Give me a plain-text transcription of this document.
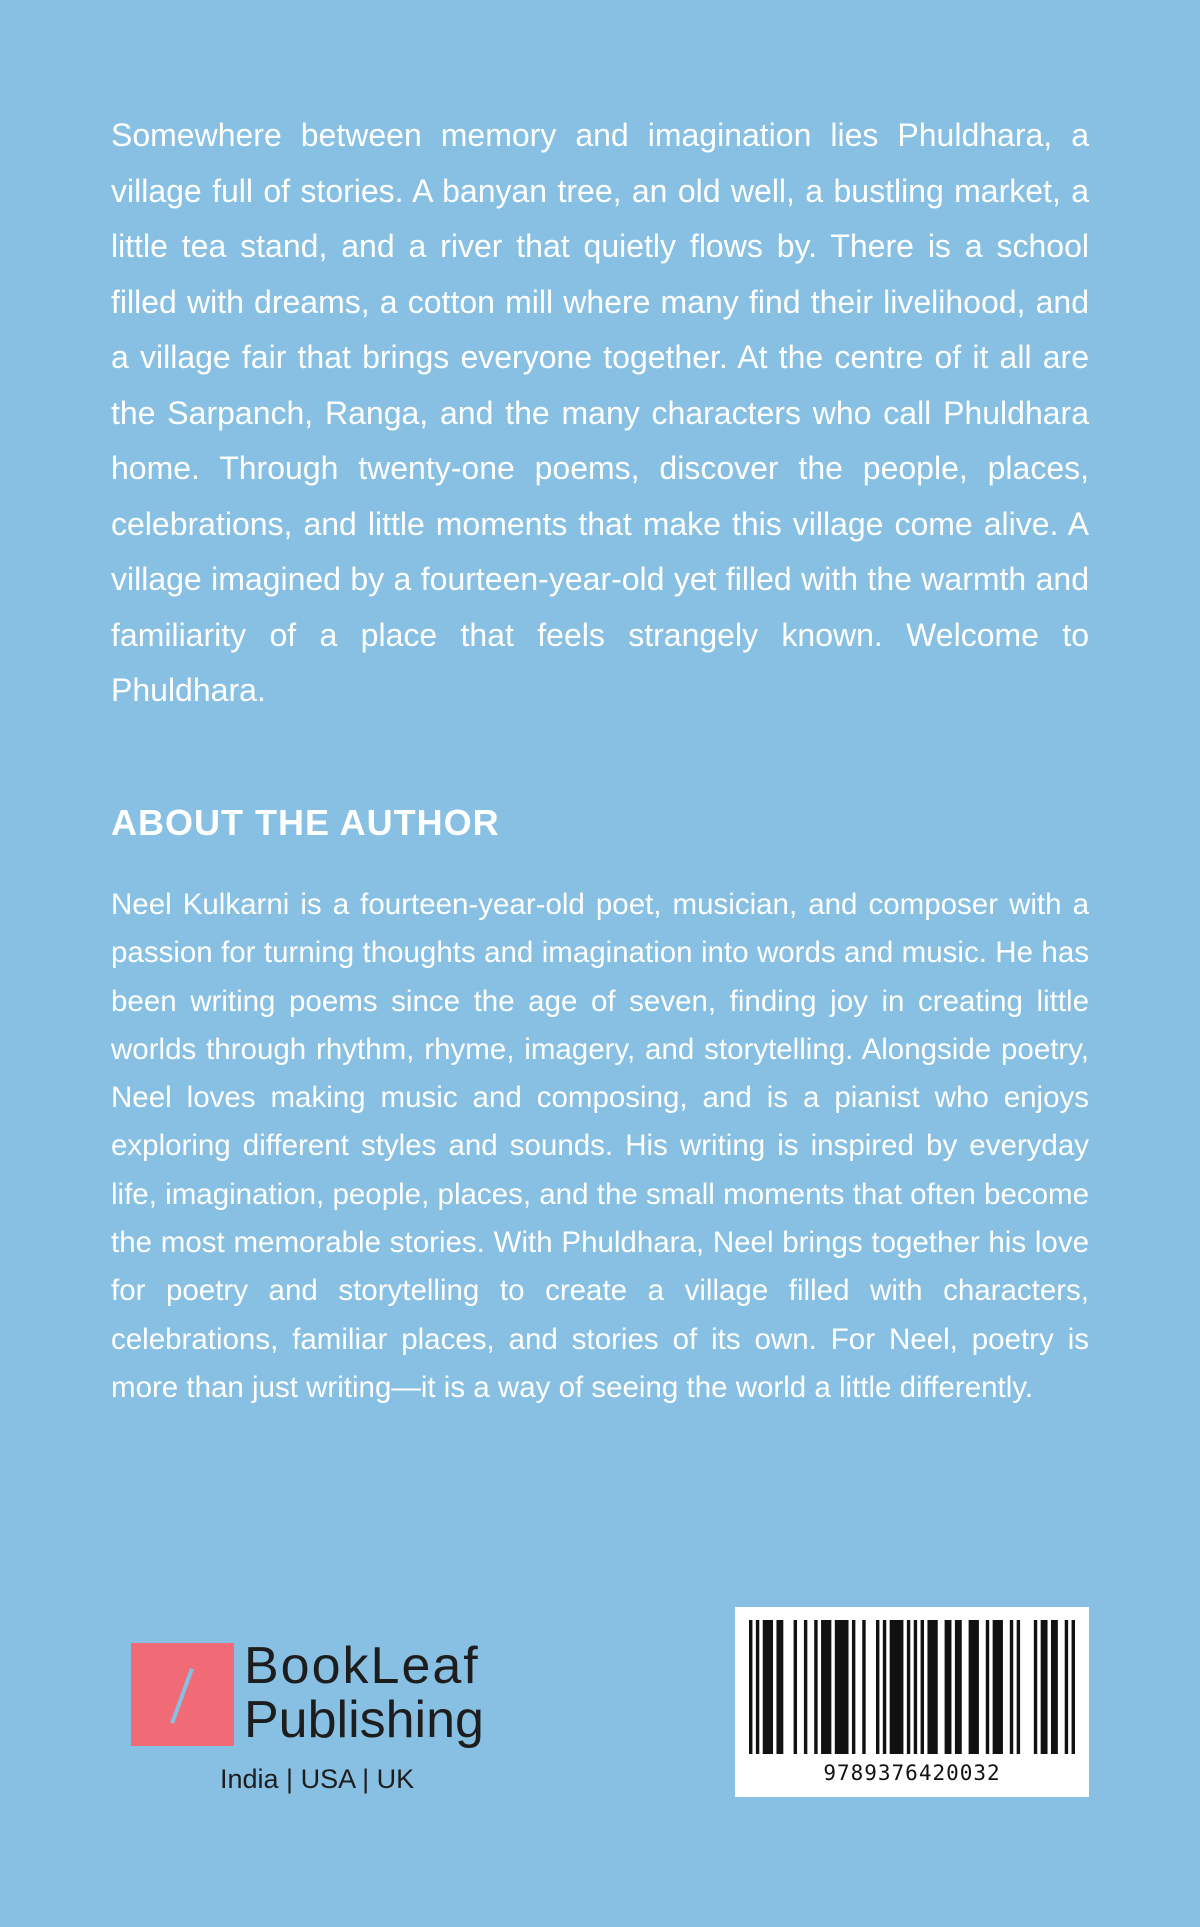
Somewhere between memory and imagination lies Phuldhara, a village full of stories. A banyan tree, an old well, a bustling market, a little tea stand, and a river that quietly flows by. There is a school filled with dreams, a cotton mill where many find their livelihood, and a village fair that brings everyone together. At the centre of it all are the Sarpanch, Ranga, and the many characters who call Phuldhara home. Through twenty-one poems, discover the people, places, celebrations, and little moments that make this village come alive. A village imagined by a fourteen-year-old yet filled with the warmth and familiarity of a place that feels strangely known. Welcome to Phuldhara.

ABOUT THE AUTHOR

Neel Kulkarni is a fourteen-year-old poet, musician, and composer with a passion for turning thoughts and imagination into words and music. He has been writing poems since the age of seven, finding joy in creating little worlds through rhythm, rhyme, imagery, and storytelling. Alongside poetry, Neel loves making music and composing, and is a pianist who enjoys exploring different styles and sounds. His writing is inspired by everyday life, imagination, people, places, and the small moments that often become the most memorable stories. With Phuldhara, Neel brings together his love for poetry and storytelling to create a village filled with characters, celebrations, familiar places, and stories of its own. For Neel, poetry is more than just writing—it is a way of seeing the world a little differently.

BookLeaf
Publishing
India | USA | UK	9789376420032
